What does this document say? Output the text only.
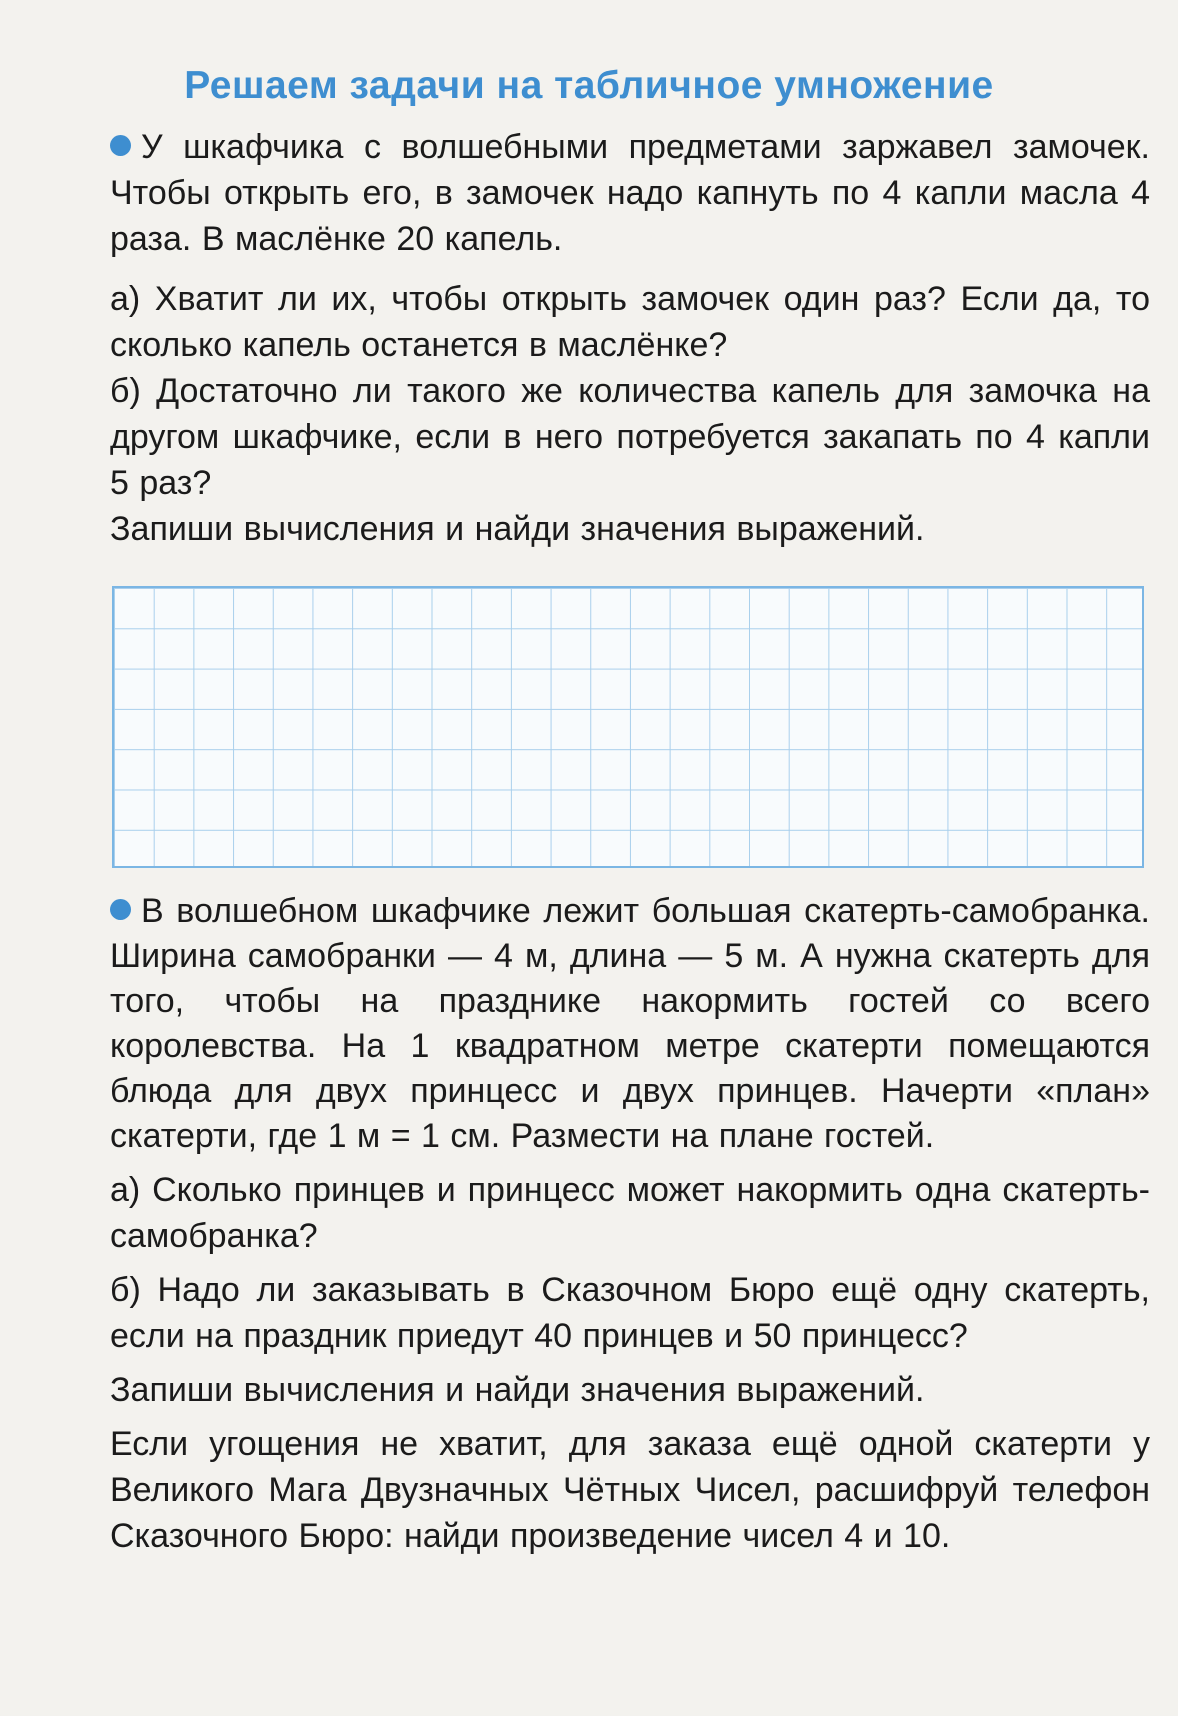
Решаем задачи на табличное умножение

У шкафчика с волшебными предметами заржавел замочек. Чтобы открыть его, в замочек надо капнуть по 4 капли масла 4 раза. В маслёнке 20 капель.

а) Хватит ли их, чтобы открыть замочек один раз? Если да, то сколько капель останется в маслёнке?

б) Достаточно ли такого же количества капель для замочка на другом шкафчике, если в него потребуется закапать по 4 капли 5 раз?

Запиши вычисления и найди значения выражений.

В волшебном шкафчике лежит большая скатерть-самобранка. Ширина самобранки — 4 м, длина — 5 м. А нужна скатерть для того, чтобы на празднике накормить гостей со всего королевства. На 1 квадратном метре скатерти помещаются блюда для двух принцесс и двух принцев. Начерти «план» скатерти, где 1 м = 1 см. Размести на плане гостей.

а) Сколько принцев и принцесс может накормить одна скатерть-самобранка?

б) Надо ли заказывать в Сказочном Бюро ещё одну скатерть, если на праздник приедут 40 принцев и 50 принцесс?

Запиши вычисления и найди значения выражений.

Если угощения не хватит, для заказа ещё одной скатерти у Великого Мага Двузначных Чётных Чисел, расшифруй телефон Сказочного Бюро: найди произведение чисел 4 и 10.
